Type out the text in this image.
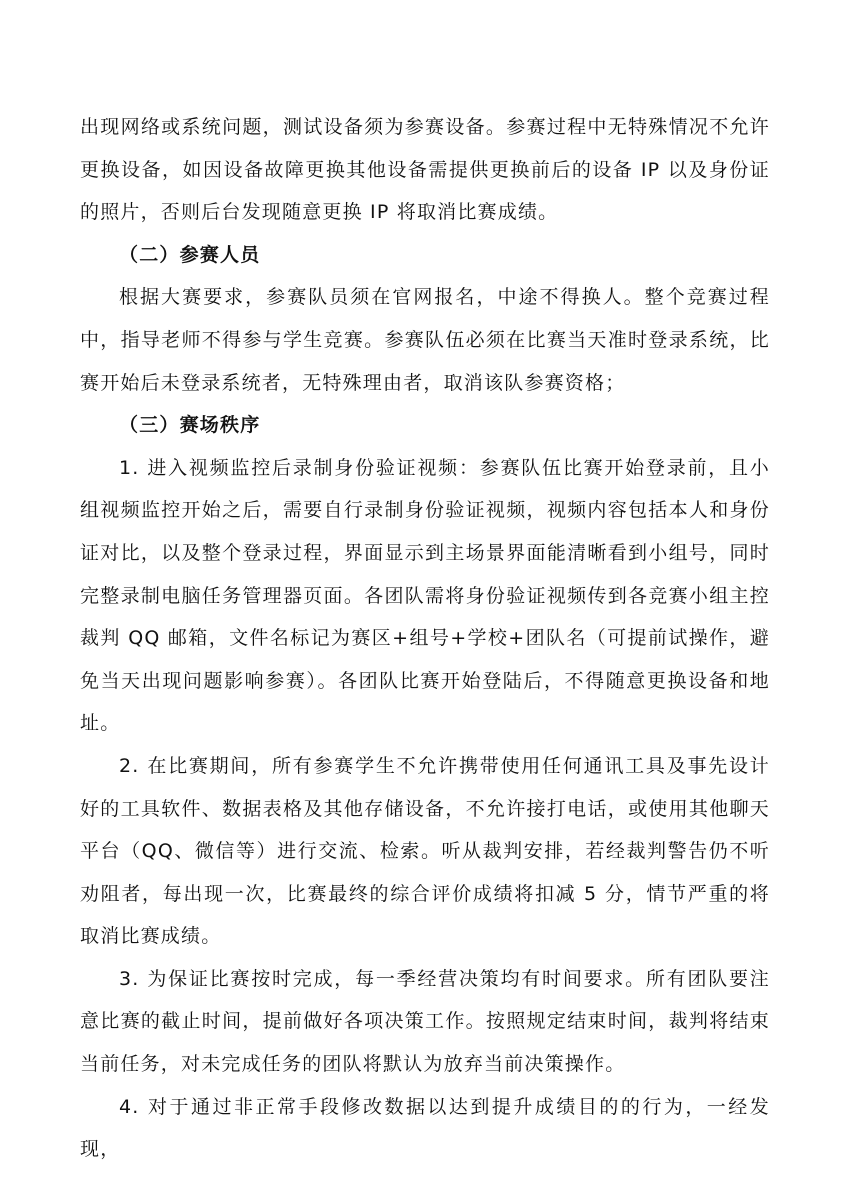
出现网络或系统问题，测试设备须为参赛设备。参赛过程中无特殊情况不允许更换设备，如因设备故障更换其他设备需提供更换前后的设备 IP 以及身份证的照片，否则后台发现随意更换 IP 将取消比赛成绩。

（二）参赛人员

根据大赛要求，参赛队员须在官网报名，中途不得换人。整个竞赛过程中，指导老师不得参与学生竞赛。参赛队伍必须在比赛当天准时登录系统，比赛开始后未登录系统者，无特殊理由者，取消该队参赛资格；

（三）赛场秩序

1. 进入视频监控后录制身份验证视频：参赛队伍比赛开始登录前，且小组视频监控开始之后，需要自行录制身份验证视频，视频内容包括本人和身份证对比，以及整个登录过程，界面显示到主场景界面能清晰看到小组号，同时完整录制电脑任务管理器页面。各团队需将身份验证视频传到各竞赛小组主控裁判 QQ 邮箱，文件名标记为赛区+组号+学校+团队名（可提前试操作，避免当天出现问题影响参赛）。各团队比赛开始登陆后，不得随意更换设备和地址。

2. 在比赛期间，所有参赛学生不允许携带使用任何通讯工具及事先设计好的工具软件、数据表格及其他存储设备，不允许接打电话，或使用其他聊天平台（QQ、微信等）进行交流、检索。听从裁判安排，若经裁判警告仍不听劝阻者，每出现一次，比赛最终的综合评价成绩将扣减 5 分，情节严重的将取消比赛成绩。

3. 为保证比赛按时完成，每一季经营决策均有时间要求。所有团队要注意比赛的截止时间，提前做好各项决策工作。按照规定结束时间，裁判将结束当前任务，对未完成任务的团队将默认为放弃当前决策操作。

4. 对于通过非正常手段修改数据以达到提升成绩目的的行为，一经发现，
